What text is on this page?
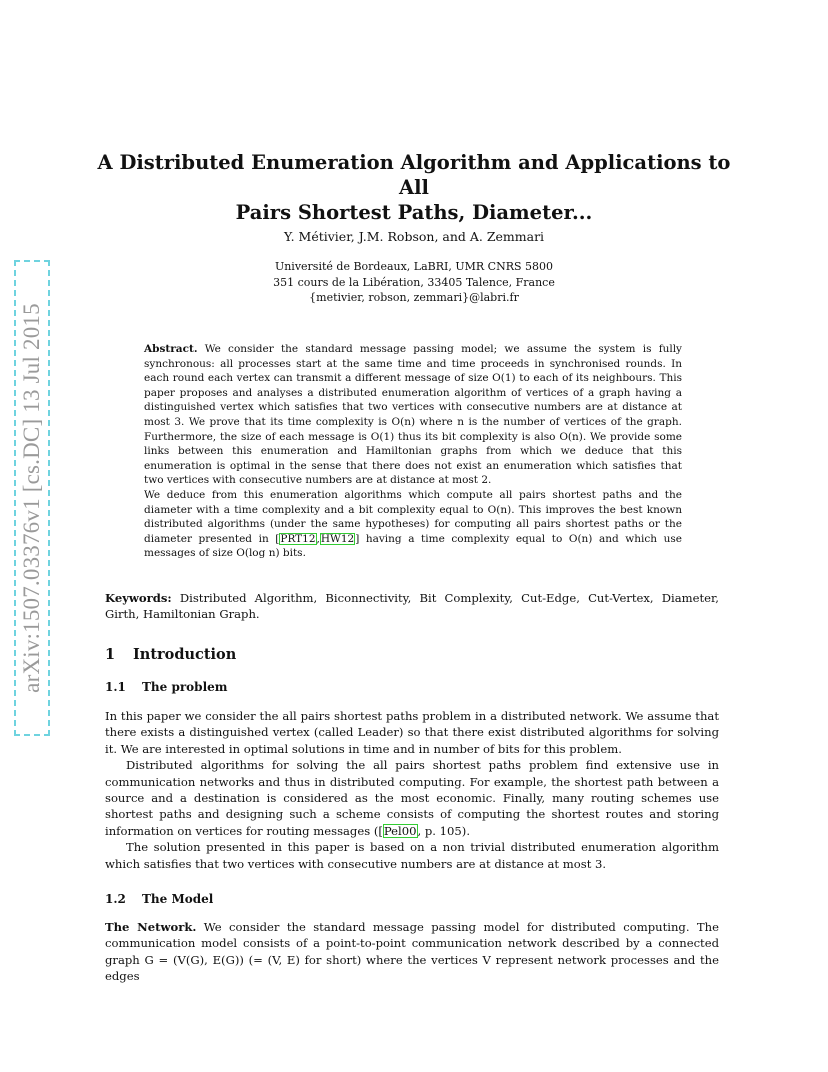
arXiv:1507.03376v1 [cs.DC] 13 Jul 2015
A Distributed Enumeration Algorithm and Applications to All
Pairs Shortest Paths, Diameter...

Y. Métivier, J.M. Robson, and A. Zemmari

Université de Bordeaux, LaBRI, UMR CNRS 5800
351 cours de la Libération, 33405 Talence, France
{metivier, robson, zemmari}@labri.fr

Abstract. We consider the standard message passing model; we assume the system is fully synchronous: all processes start at the same time and time proceeds in synchronised rounds. In each round each vertex can transmit a different message of size O(1) to each of its neighbours. This paper proposes and analyses a distributed enumeration algorithm of vertices of a graph having a distinguished vertex which satisfies that two vertices with consecutive numbers are at distance at most 3. We prove that its time complexity is O(n) where n is the number of vertices of the graph. Furthermore, the size of each message is O(1) thus its bit complexity is also O(n). We provide some links between this enumeration and Hamiltonian graphs from which we deduce that this enumeration is optimal in the sense that there does not exist an enumeration which satisfies that two vertices with consecutive numbers are at distance at most 2.

We deduce from this enumeration algorithms which compute all pairs shortest paths and the diameter with a time complexity and a bit complexity equal to O(n). This improves the best known distributed algorithms (under the same hypotheses) for computing all pairs shortest paths or the diameter presented in [PRT12,HW12] having a time complexity equal to O(n) and which use messages of size O(log n) bits.

Keywords: Distributed Algorithm, Biconnectivity, Bit Complexity, Cut-Edge, Cut-Vertex, Diameter, Girth, Hamiltonian Graph.

1 Introduction
1.1 The problem

In this paper we consider the all pairs shortest paths problem in a distributed network. We assume that there exists a distinguished vertex (called Leader) so that there exist distributed algorithms for solving it. We are interested in optimal solutions in time and in number of bits for this problem.

Distributed algorithms for solving the all pairs shortest paths problem find extensive use in communication networks and thus in distributed computing. For example, the shortest path between a source and a destination is considered as the most economic. Finally, many routing schemes use shortest paths and designing such a scheme consists of computing the shortest routes and storing information on vertices for routing messages ([Pel00, p. 105).

The solution presented in this paper is based on a non trivial distributed enumeration algorithm which satisfies that two vertices with consecutive numbers are at distance at most 3.

1.2 The Model

The Network. We consider the standard message passing model for distributed computing. The communication model consists of a point-to-point communication network described by a connected graph G = (V(G), E(G)) (= (V, E) for short) where the vertices V represent network processes and the edges
